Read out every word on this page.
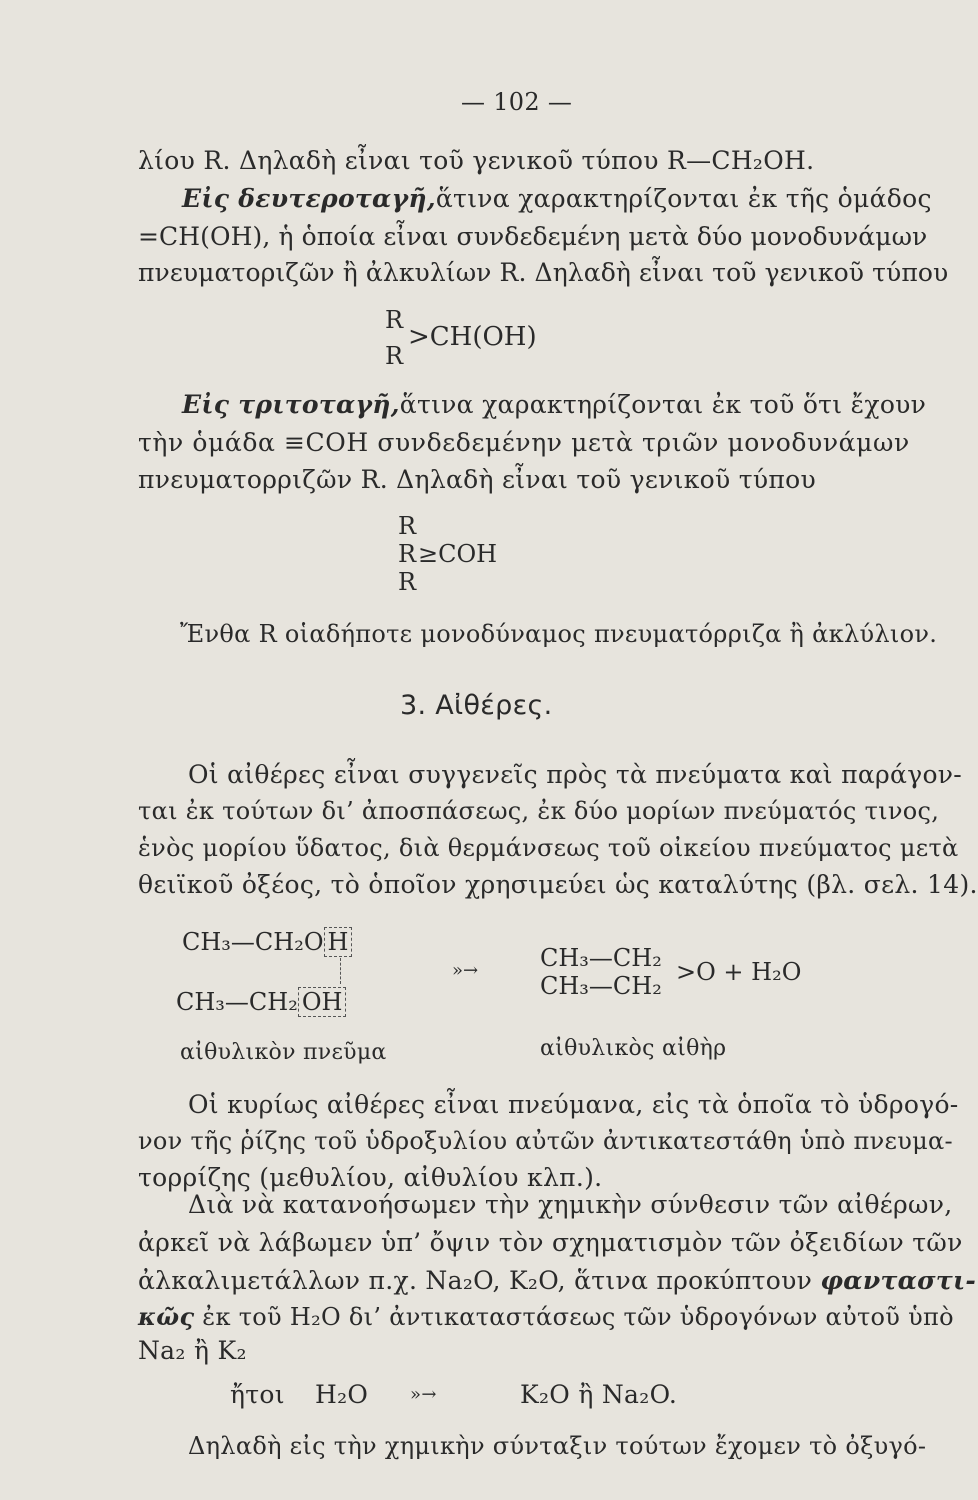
— 102 —
λίου R. Δηλαδὴ εἶναι τοῦ γενικοῦ τύπου R—CH₂OH.
Εἰς δευτεροταγῆ, ἅτινα χαρακτηρίζονται ἐκ τῆς ὁμάδος
=CH(OH), ἡ ὁποία εἶναι συνδεδεμένη μετὰ δύο μονοδυνάμων
πνευματοριζῶν ἢ ἀλκυλίων R. Δηλαδὴ εἶναι τοῦ γενικοῦ τύπου
R
R
>CH(OH)
Εἰς τριτοταγῆ, ἅτινα χαρακτηρίζονται ἐκ τοῦ ὅτι ἔχουν
τὴν ὁμάδα ≡COH συνδεδεμένην μετὰ τριῶν μονοδυνάμων
πνευματορριζῶν R. Δηλαδὴ εἶναι τοῦ γενικοῦ τύπου
R
R
R
≥COH
Ἔνθα R οἱαδήποτε μονοδύναμος πνευματόρριζα ἢ ἀκλύλιον.
3. Αἰθέρες.
Οἱ αἰθέρες εἶναι συγγενεῖς πρὸς τὰ πνεύματα καὶ παράγον-
ται ἐκ τούτων δι’ ἀποσπάσεως, ἐκ δύο μορίων πνεύματός τινος,
ἑνὸς μορίου ὕδατος, διὰ θερμάνσεως τοῦ οἰκείου πνεύματος μετὰ
θειϊκοῦ ὀξέος, τὸ ὁποῖον χρησιμεύει ὡς καταλύτης (βλ. σελ. 14).
CH₃—CH₂O H
CH₃—CH₂ OH
»→	CH₃—CH₂
CH₃—CH₂ >O + H₂O
αἰθυλικὸν πνεῦμα	αἰθυλικὸς αἰθὴρ
Οἱ κυρίως αἰθέρες εἶναι πνεύμανα, εἰς τὰ ὁποῖα τὸ ὑδρογό-
νον τῆς ῥίζης τοῦ ὑδροξυλίου αὐτῶν ἀντικατεστάθη ὑπὸ πνευμα-
τορρίζης (μεθυλίου, αἰθυλίου κλπ.).
Διὰ νὰ κατανοήσωμεν τὴν χημικὴν σύνθεσιν τῶν αἰθέρων,
ἀρκεῖ νὰ λάβωμεν ὑπ’ ὄψιν τὸν σχηματισμὸν τῶν ὀξειδίων τῶν
ἀλκαλιμετάλλων π.χ. Na₂O, K₂O, ἅτινα προκύπτουν φανταστι-
κῶς ἐκ τοῦ H₂O δι’ ἀντικαταστάσεως τῶν ὑδρογόνων αὐτοῦ ὑπὸ
Na₂ ἢ K₂
ἤτοι H₂O »→	K₂O ἢ Na₂O.
Δηλαδὴ εἰς τὴν χημικὴν σύνταξιν τούτων ἔχομεν τὸ ὀξυγό-
